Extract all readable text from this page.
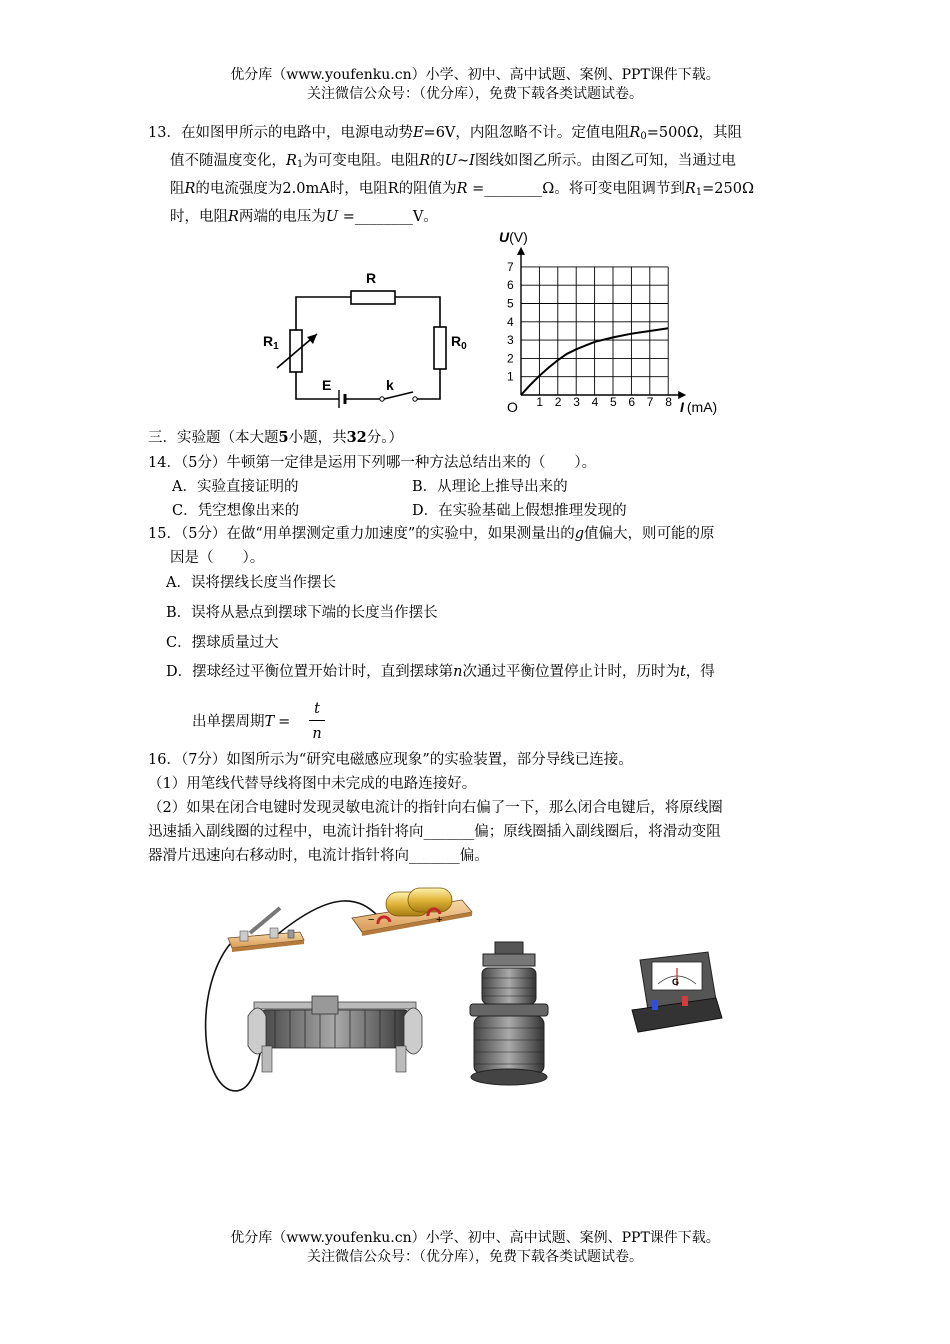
优分库（www.youfenku.cn）小学、初中、高中试题、案例、PPT课件下载。
关注微信公众号：（优分库），免费下载各类试题试卷。
13．在如图甲所示的电路中，电源电动势E=6V，内阻忽略不计。定值电阻$R_0=500\Omega$，其阻
值不随温度变化，$R_1$为可变电阻。电阻R的U~I图线如图乙所示。由图乙可知，当通过电
阻R的电流强度为2.0mA时，电阻R的阻值为R =________Ω。将可变电阻调节到$R_1=250\Omega$
时，电阻R两端的电压为U =________V。
R
$R_1$	$R_0$
E	k
1 2 3 4 5 6 7 8
1
2
3
4
5
6
7
U(V)
I (mA)
O
三．实验题（本大题5小题，共32分。）
14．（5分）牛顿第一定律是运用下列哪一种方法总结出来的（　　）。
A．实验直接证明的	B．从理论上推导出来的
C．凭空想像出来的	D．在实验基础上假想推理发现的
15．（5分）在做“用单摆测定重力加速度”的实验中，如果测量出的g值偏大，则可能的原
因是（　　）。
A．误将摆线长度当作摆长
B．误将从悬点到摆球下端的长度当作摆长
C．摆球质量过大
D．摆球经过平衡位置开始计时，直到摆球第n次通过平衡位置停止计时，历时为t，得
出单摆周期$T = \frac{t}{n}$
16．（7分）如图所示为“研究电磁感应现象”的实验装置，部分导线已连接。
（1）用笔线代替导线将图中未完成的电路连接好。
（2）如果在闭合电键时发现灵敏电流计的指针向右偏了一下，那么闭合电键后，将原线圈
迅速插入副线圈的过程中，电流计指针将向_______偏；原线圈插入副线圈后，将滑动变阻
器滑片迅速向右移动时，电流计指针将向_______偏。
+
−
G
优分库（www.youfenku.cn）小学、初中、高中试题、案例、PPT课件下载。
关注微信公众号：（优分库），免费下载各类试题试卷。
